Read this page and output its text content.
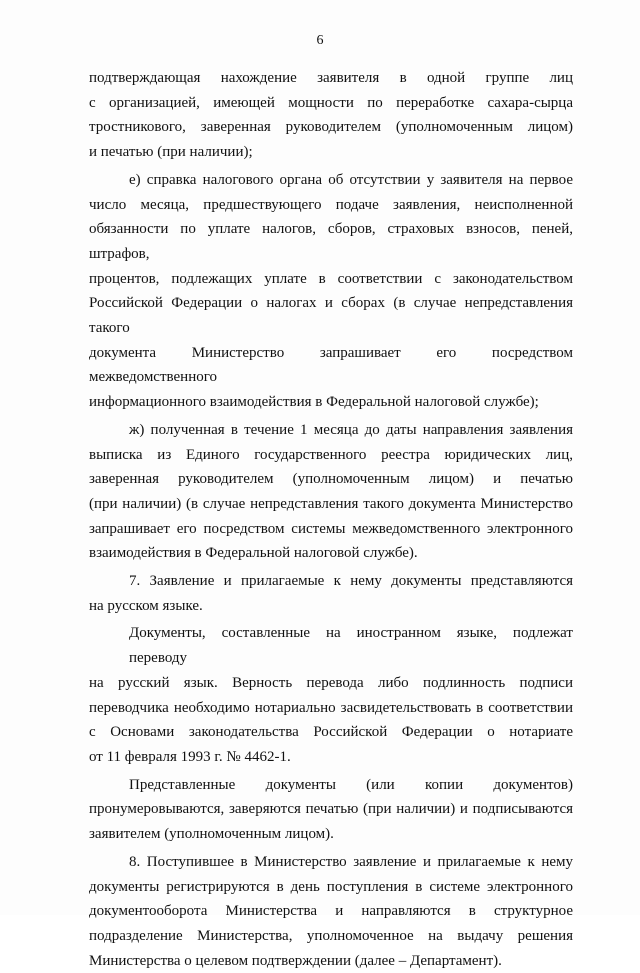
6

подтверждающая нахождение заявителя в одной группе лиц
с организацией, имеющей мощности по переработке сахара-сырца
тростникового, заверенная руководителем (уполномоченным лицом)
и печатью (при наличии);

е) справка налогового органа об отсутствии у заявителя на первое
число месяца, предшествующего подаче заявления, неисполненной
обязанности по уплате налогов, сборов, страховых взносов, пеней, штрафов,
процентов, подлежащих уплате в соответствии с законодательством
Российской Федерации о налогах и сборах (в случае непредставления такого
документа Министерство запрашивает его посредством межведомственного
информационного взаимодействия в Федеральной налоговой службе);

ж) полученная в течение 1 месяца до даты направления заявления
выписка из Единого государственного реестра юридических лиц,
заверенная руководителем (уполномоченным лицом) и печатью
(при наличии) (в случае непредставления такого документа Министерство
запрашивает его посредством системы межведомственного электронного
взаимодействия в Федеральной налоговой службе).

7. Заявление и прилагаемые к нему документы представляются
на русском языке.

Документы, составленные на иностранном языке, подлежат переводу
на русский язык. Верность перевода либо подлинность подписи
переводчика необходимо нотариально засвидетельствовать в соответствии
с Основами законодательства Российской Федерации о нотариате
от 11 февраля 1993 г. № 4462-1.

Представленные документы (или копии документов)
пронумеровываются, заверяются печатью (при наличии) и подписываются
заявителем (уполномоченным лицом).

8. Поступившее в Министерство заявление и прилагаемые к нему
документы регистрируются в день поступления в системе электронного
документооборота Министерства и направляются в структурное
подразделение Министерства, уполномоченное на выдачу решения
Министерства о целевом подтверждении (далее – Департамент).
